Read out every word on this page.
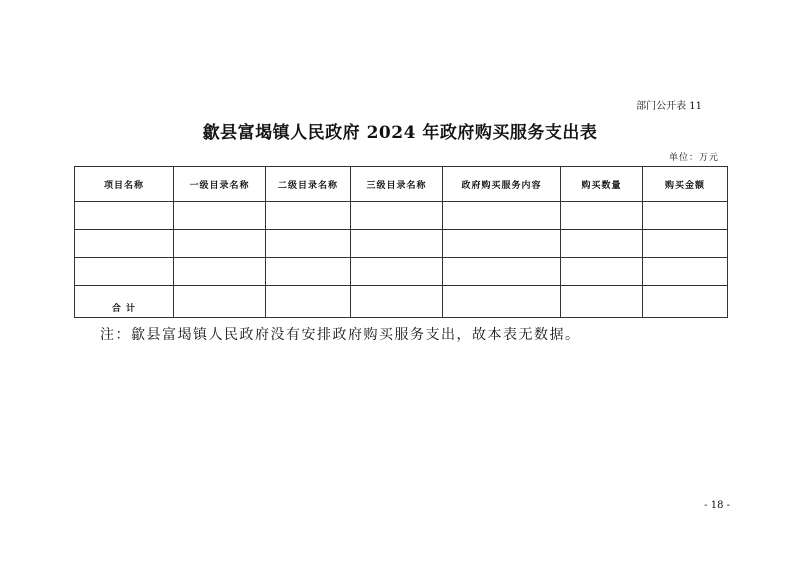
部门公开表 11
歙县富堨镇人民政府 2024 年政府购买服务支出表
单位：万元
项目名称	一级目录名称	二级目录名称	三级目录名称	政府购买服务内容	购买数量	购买金额

合 计						
注：歙县富堨镇人民政府没有安排政府购买服务支出，故本表无数据。
- 18 -
